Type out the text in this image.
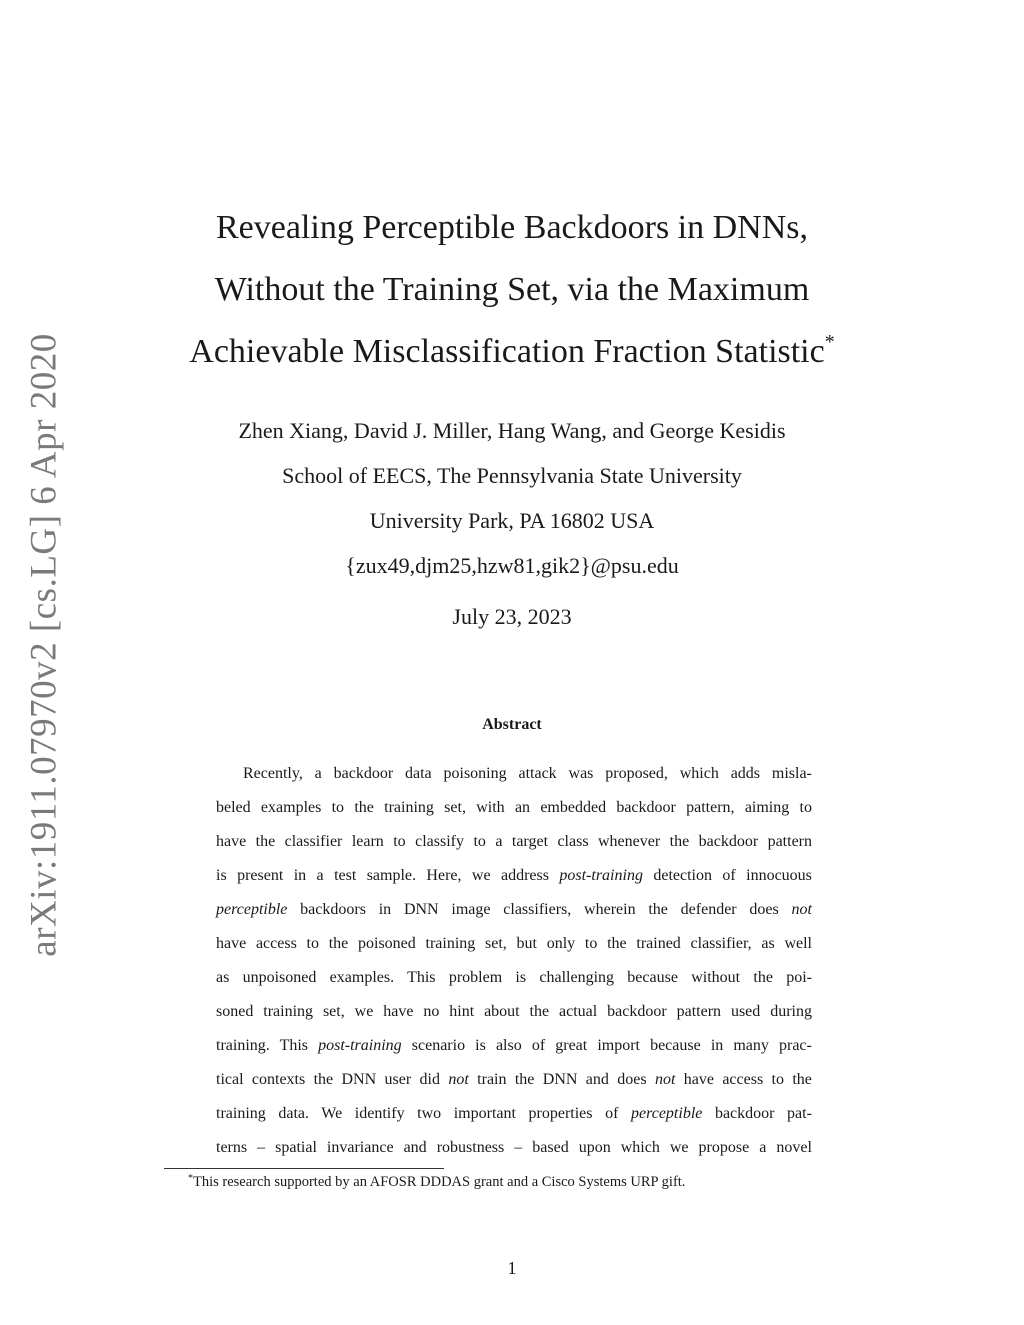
arXiv:1911.07970v2 [cs.LG] 6 Apr 2020
Revealing Perceptible Backdoors in DNNs,
Without the Training Set, via the Maximum
Achievable Misclassification Fraction Statistic*
Zhen Xiang, David J. Miller, Hang Wang, and George Kesidis
School of EECS, The Pennsylvania State University
University Park, PA 16802 USA
{zux49,djm25,hzw81,gik2}@psu.edu
July 23, 2023
Abstract
Recently, a backdoor data poisoning attack was proposed, which adds misla-
beled examples to the training set, with an embedded backdoor pattern, aiming to
have the classifier learn to classify to a target class whenever the backdoor pattern
is present in a test sample. Here, we address post-training detection of innocuous
perceptible backdoors in DNN image classifiers, wherein the defender does not
have access to the poisoned training set, but only to the trained classifier, as well
as unpoisoned examples. This problem is challenging because without the poi-
soned training set, we have no hint about the actual backdoor pattern used during
training. This post-training scenario is also of great import because in many prac-
tical contexts the DNN user did not train the DNN and does not have access to the
training data. We identify two important properties of perceptible backdoor pat-
terns – spatial invariance and robustness – based upon which we propose a novel
*This research supported by an AFOSR DDDAS grant and a Cisco Systems URP gift.
1
